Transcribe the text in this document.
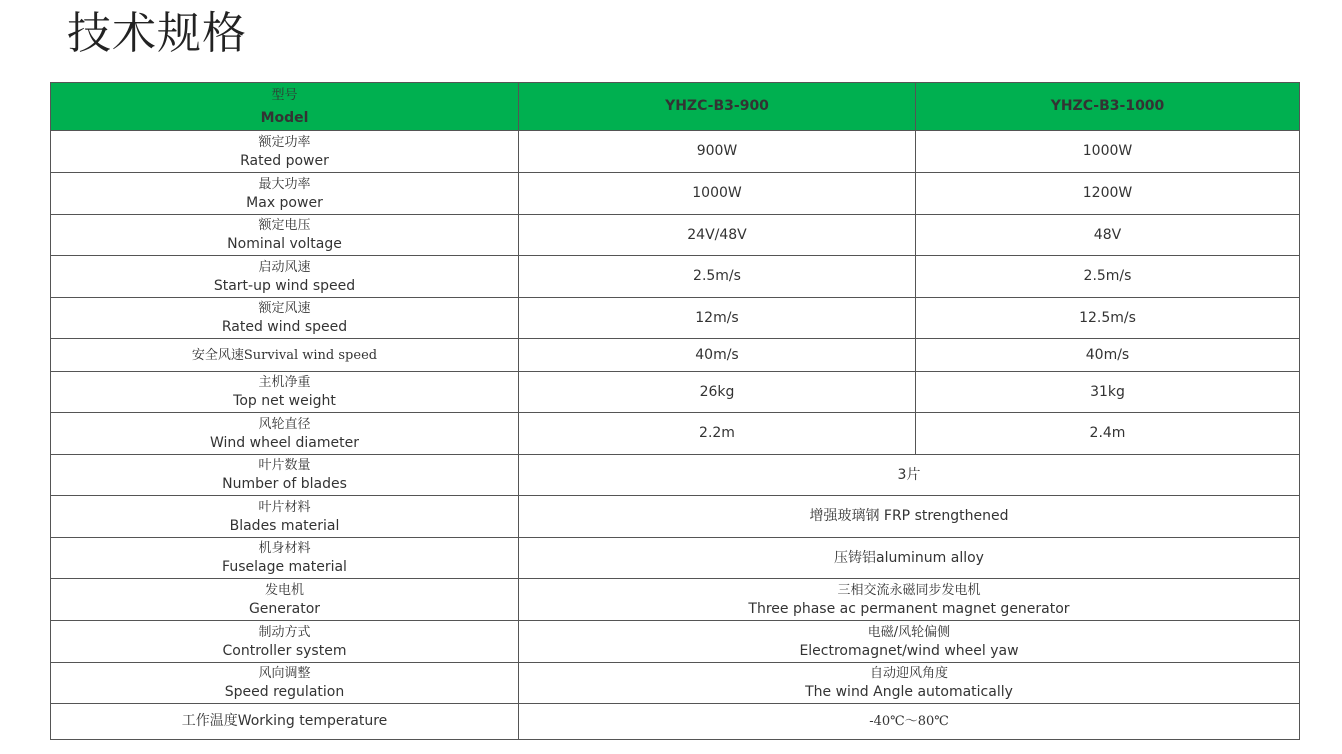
技术规格
型号
Model	YHZC-B3-900	YHZC-B3-1000

额定功率
Rated power	900W	1000W

最大功率
Max power	1000W	1200W

额定电压
Nominal voltage	24V/48V	48V

启动风速
Start-up wind speed	2.5m/s	2.5m/s

额定风速
Rated wind speed	12m/s	12.5m/s
安全风速Survival wind speed	40m/s	40m/s

主机净重
Top net weight	26kg	31kg

风轮直径
Wind wheel diameter	2.2m	2.4m

叶片数量
Number of blades	3片	

叶片材料
Blades material	增强玻璃钢 FRP strengthened	

机身材料
Fuselage material	压铸铝aluminum alloy	

发电机
Generator	三相交流永磁同步发电机
Three phase ac permanent magnet generator	

制动方式
Controller system	电磁/风轮偏侧
Electromagnet/wind wheel yaw	

风向调整
Speed regulation	自动迎风角度
The wind Angle automatically	

工作温度Working temperature	-40℃～80℃	
